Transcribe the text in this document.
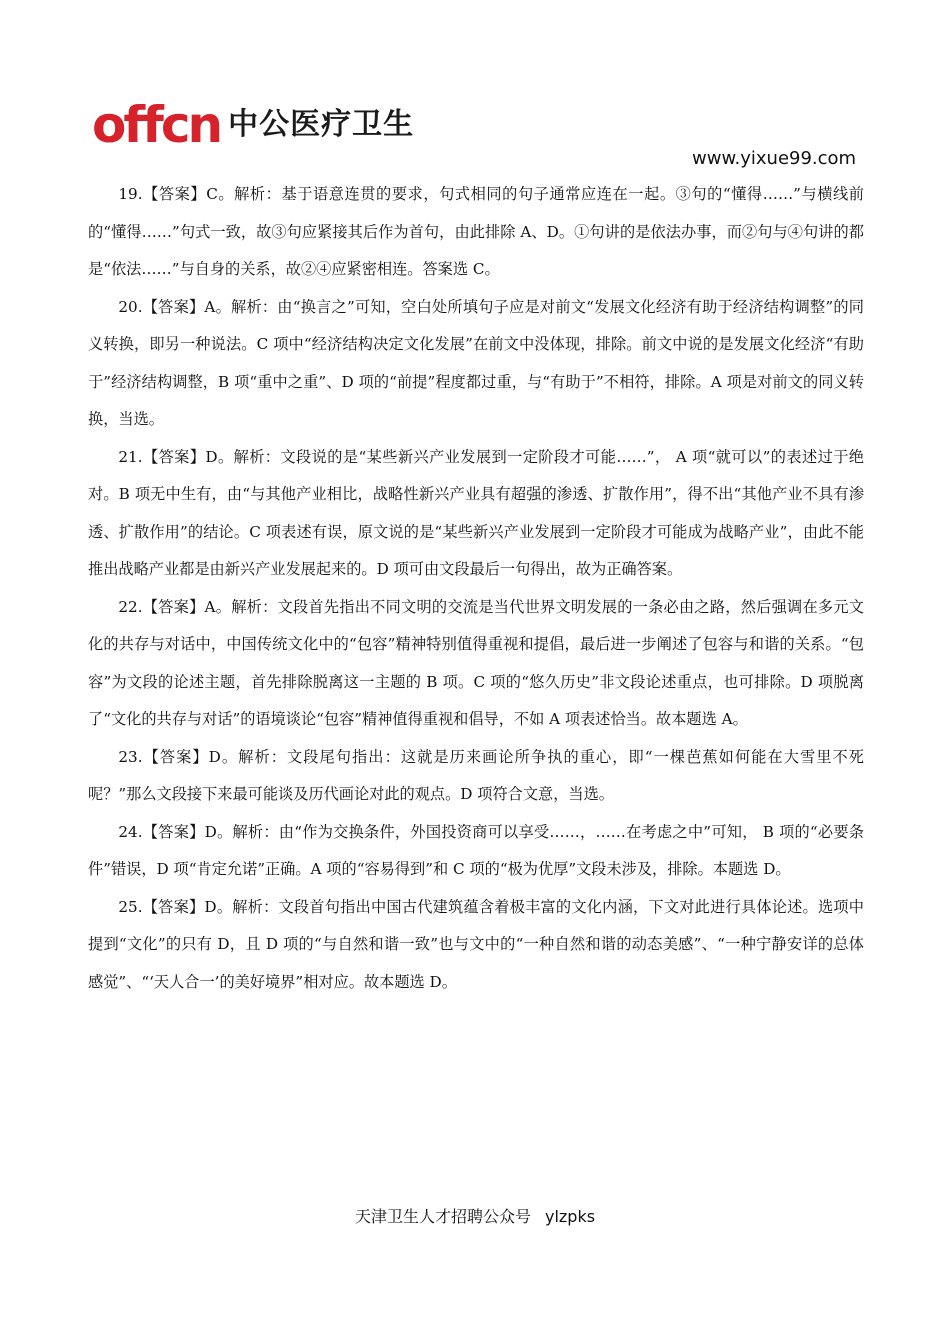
offcn 中公医疗卫生
www.yixue99.com

19.【答案】C。解析：基于语意连贯的要求，句式相同的句子通常应连在一起。③句的“懂得……”与横线前的“懂得……”句式一致，故③句应紧接其后作为首句，由此排除 A、D。①句讲的是依法办事，而②句与④句讲的都是“依法……”与自身的关系，故②④应紧密相连。答案选 C。

20.【答案】A。解析：由“换言之”可知，空白处所填句子应是对前文“发展文化经济有助于经济结构调整”的同义转换，即另一种说法。C 项中“经济结构决定文化发展”在前文中没体现，排除。前文中说的是发展文化经济“有助于”经济结构调整，B 项“重中之重”、D 项的“前提”程度都过重，与“有助于”不相符，排除。A 项是对前文的同义转换，当选。

21.【答案】D。解析：文段说的是“某些新兴产业发展到一定阶段才可能……”， A 项“就可以”的表述过于绝对。B 项无中生有，由“与其他产业相比，战略性新兴产业具有超强的渗透、扩散作用”，得不出“其他产业不具有渗透、扩散作用”的结论。C 项表述有误，原文说的是“某些新兴产业发展到一定阶段才可能成为战略产业”，由此不能推出战略产业都是由新兴产业发展起来的。D 项可由文段最后一句得出，故为正确答案。

22.【答案】A。解析：文段首先指出不同文明的交流是当代世界文明发展的一条必由之路，然后强调在多元文化的共存与对话中，中国传统文化中的“包容”精神特别值得重视和提倡，最后进一步阐述了包容与和谐的关系。“包容”为文段的论述主题，首先排除脱离这一主题的 B 项。C 项的“悠久历史”非文段论述重点，也可排除。D 项脱离了“文化的共存与对话”的语境谈论“包容”精神值得重视和倡导，不如 A 项表述恰当。故本题选 A。

23.【答案】D。解析：文段尾句指出：这就是历来画论所争执的重心，即“一棵芭蕉如何能在大雪里不死呢？”那么文段接下来最可能谈及历代画论对此的观点。D 项符合文意，当选。

24.【答案】D。解析：由“作为交换条件，外国投资商可以享受……，……在考虑之中”可知， B 项的“必要条件”错误，D 项“肯定允诺”正确。A 项的“容易得到”和 C 项的“极为优厚”文段未涉及，排除。本题选 D。

25.【答案】D。解析：文段首句指出中国古代建筑蕴含着极丰富的文化内涵，下文对此进行具体论述。选项中提到“文化”的只有 D，且 D 项的“与自然和谐一致”也与文中的“一种自然和谐的动态美感”、“一种宁静安详的总体感觉”、“‘天人合一’的美好境界”相对应。故本题选 D。

天津卫生人才招聘公众号 ylzpks
